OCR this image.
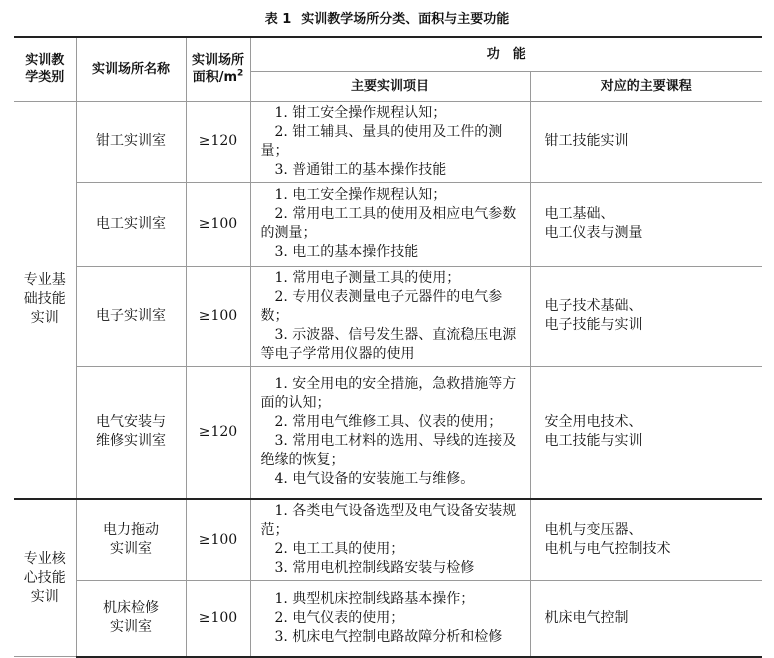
表 1 实训教学场所分类、面积与主要功能
实训教学类别	实训场所名称	实训场所面积$/m^2$	功　能	
			主要实训项目	对应的主要课程
专业基础技能实训	钳工实训室	≥120	1. 钳工安全操作规程认知；
2. 钳工辅具、量具的使用及工件的测量；
3. 普通钳工的基本操作技能	钳工技能实训

	电工实训室	≥100	1. 电工安全操作规程认知；
2. 常用电工工具的使用及相应电气参数的测量；
3. 电工的基本操作技能	电工基础、
电工仪表与测量

	电子实训室	≥100	1. 常用电子测量工具的使用；
2. 专用仪表测量电子元器件的电气参数；
3. 示波器、信号发生器、直流稳压电源等电子学常用仪器的使用	电子技术基础、
电子技能与实训

	电气安装与维修实训室	≥120	1. 安全用电的安全措施，急救措施等方面的认知；
2. 常用电气维修工具、仪表的使用；
3. 常用电工材料的选用、导线的连接及绝缘的恢复；
4. 电气设备的安装施工与维修。	安全用电技术、
电工技能与实训

专业核心技能实训	电力拖动实训室	≥100	1. 各类电气设备选型及电气设备安装规范；
2. 电工工具的使用；
3. 常用电机控制线路安装与检修	电机与变压器、
电机与电气控制技术

	机床检修实训室	≥100	1. 典型机床控制线路基本操作；
2. 电气仪表的使用；
3. 机床电气控制电路故障分析和检修	机床电气控制
